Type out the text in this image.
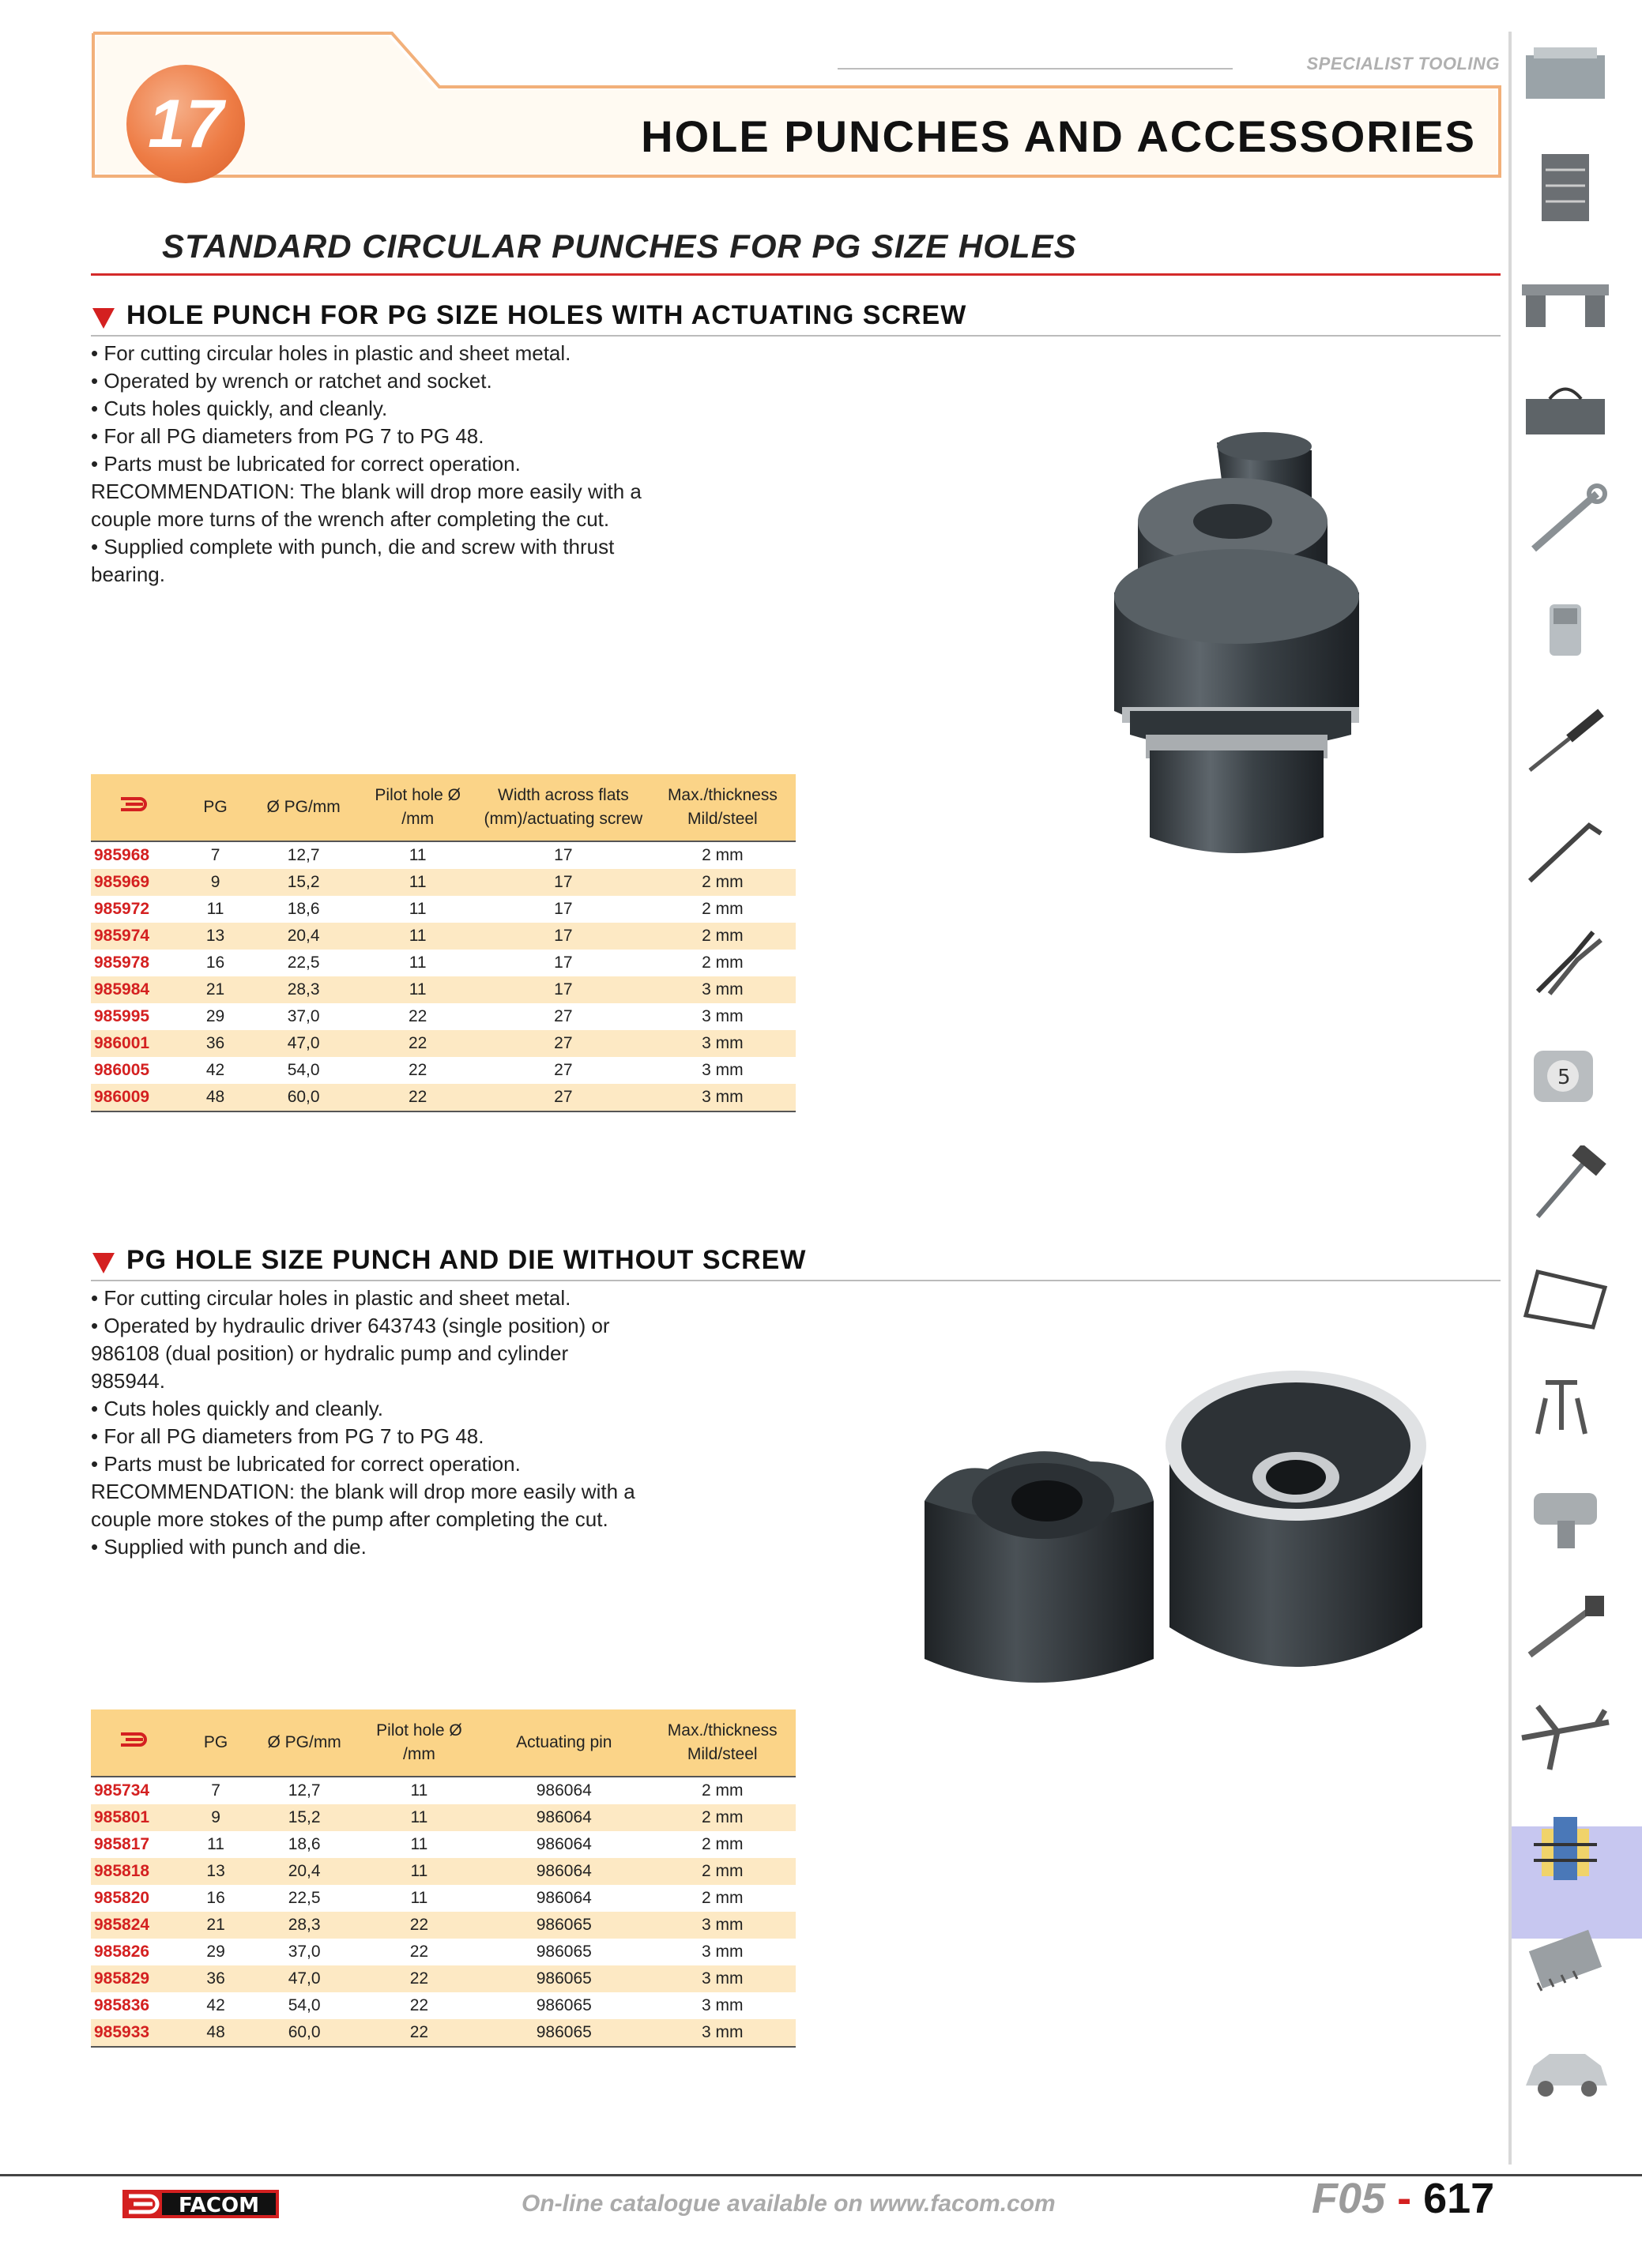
17
SPECIALIST TOOLING
HOLE PUNCHES AND ACCESSORIES
STANDARD CIRCULAR PUNCHES FOR PG SIZE HOLES
HOLE PUNCH FOR PG SIZE HOLES WITH ACTUATING SCREW

• For cutting circular holes in plastic and sheet metal.

• Operated by wrench or ratchet and socket.

• Cuts holes quickly, and cleanly.

• For all PG diameters from PG 7 to PG 48.

• Parts must be lubricated for correct operation.

RECOMMENDATION: The blank will drop more easily with a couple more turns of the wrench after completing the cut.

• Supplied complete with punch, die and screw with thrust bearing.

	PG	Ø PG/mm	Pilot hole Ø /mm	Width across flats (mm)/actuating screw	Max./thickness Mild/steel
985968	7	12,7	11	17	2 mm
985969	9	15,2	11	17	2 mm
985972	11	18,6	11	17	2 mm
985974	13	20,4	11	17	2 mm
985978	16	22,5	11	17	2 mm
985984	21	28,3	11	17	3 mm
985995	29	37,0	22	27	3 mm
986001	36	47,0	22	27	3 mm
986005	42	54,0	22	27	3 mm
986009	48	60,0	22	27	3 mm
PG HOLE SIZE PUNCH AND DIE WITHOUT SCREW

• For cutting circular holes in plastic and sheet metal.

• Operated by hydraulic driver 643743 (single position) or 986108 (dual position) or hydralic pump and cylinder 985944.

• Cuts holes quickly and cleanly.

• For all PG diameters from PG 7 to PG 48.

• Parts must be lubricated for correct operation.

RECOMMENDATION: the blank will drop more easily with a couple more stokes of the pump after completing the cut.

• Supplied with punch and die.

	PG	Ø PG/mm	Pilot hole Ø /mm	Actuating pin	Max./thickness Mild/steel
985734	7	12,7	11	986064	2 mm
985801	9	15,2	11	986064	2 mm
985817	11	18,6	11	986064	2 mm
985818	13	20,4	11	986064	2 mm
985820	16	22,5	11	986064	2 mm
985824	21	28,3	22	986065	3 mm
985826	29	37,0	22	986065	3 mm
985829	36	47,0	22	986065	3 mm
985836	42	54,0	22	986065	3 mm
985933	48	60,0	22	986065	3 mm
5
FACOM	On-line catalogue available on www.facom.com	F05 - 617
